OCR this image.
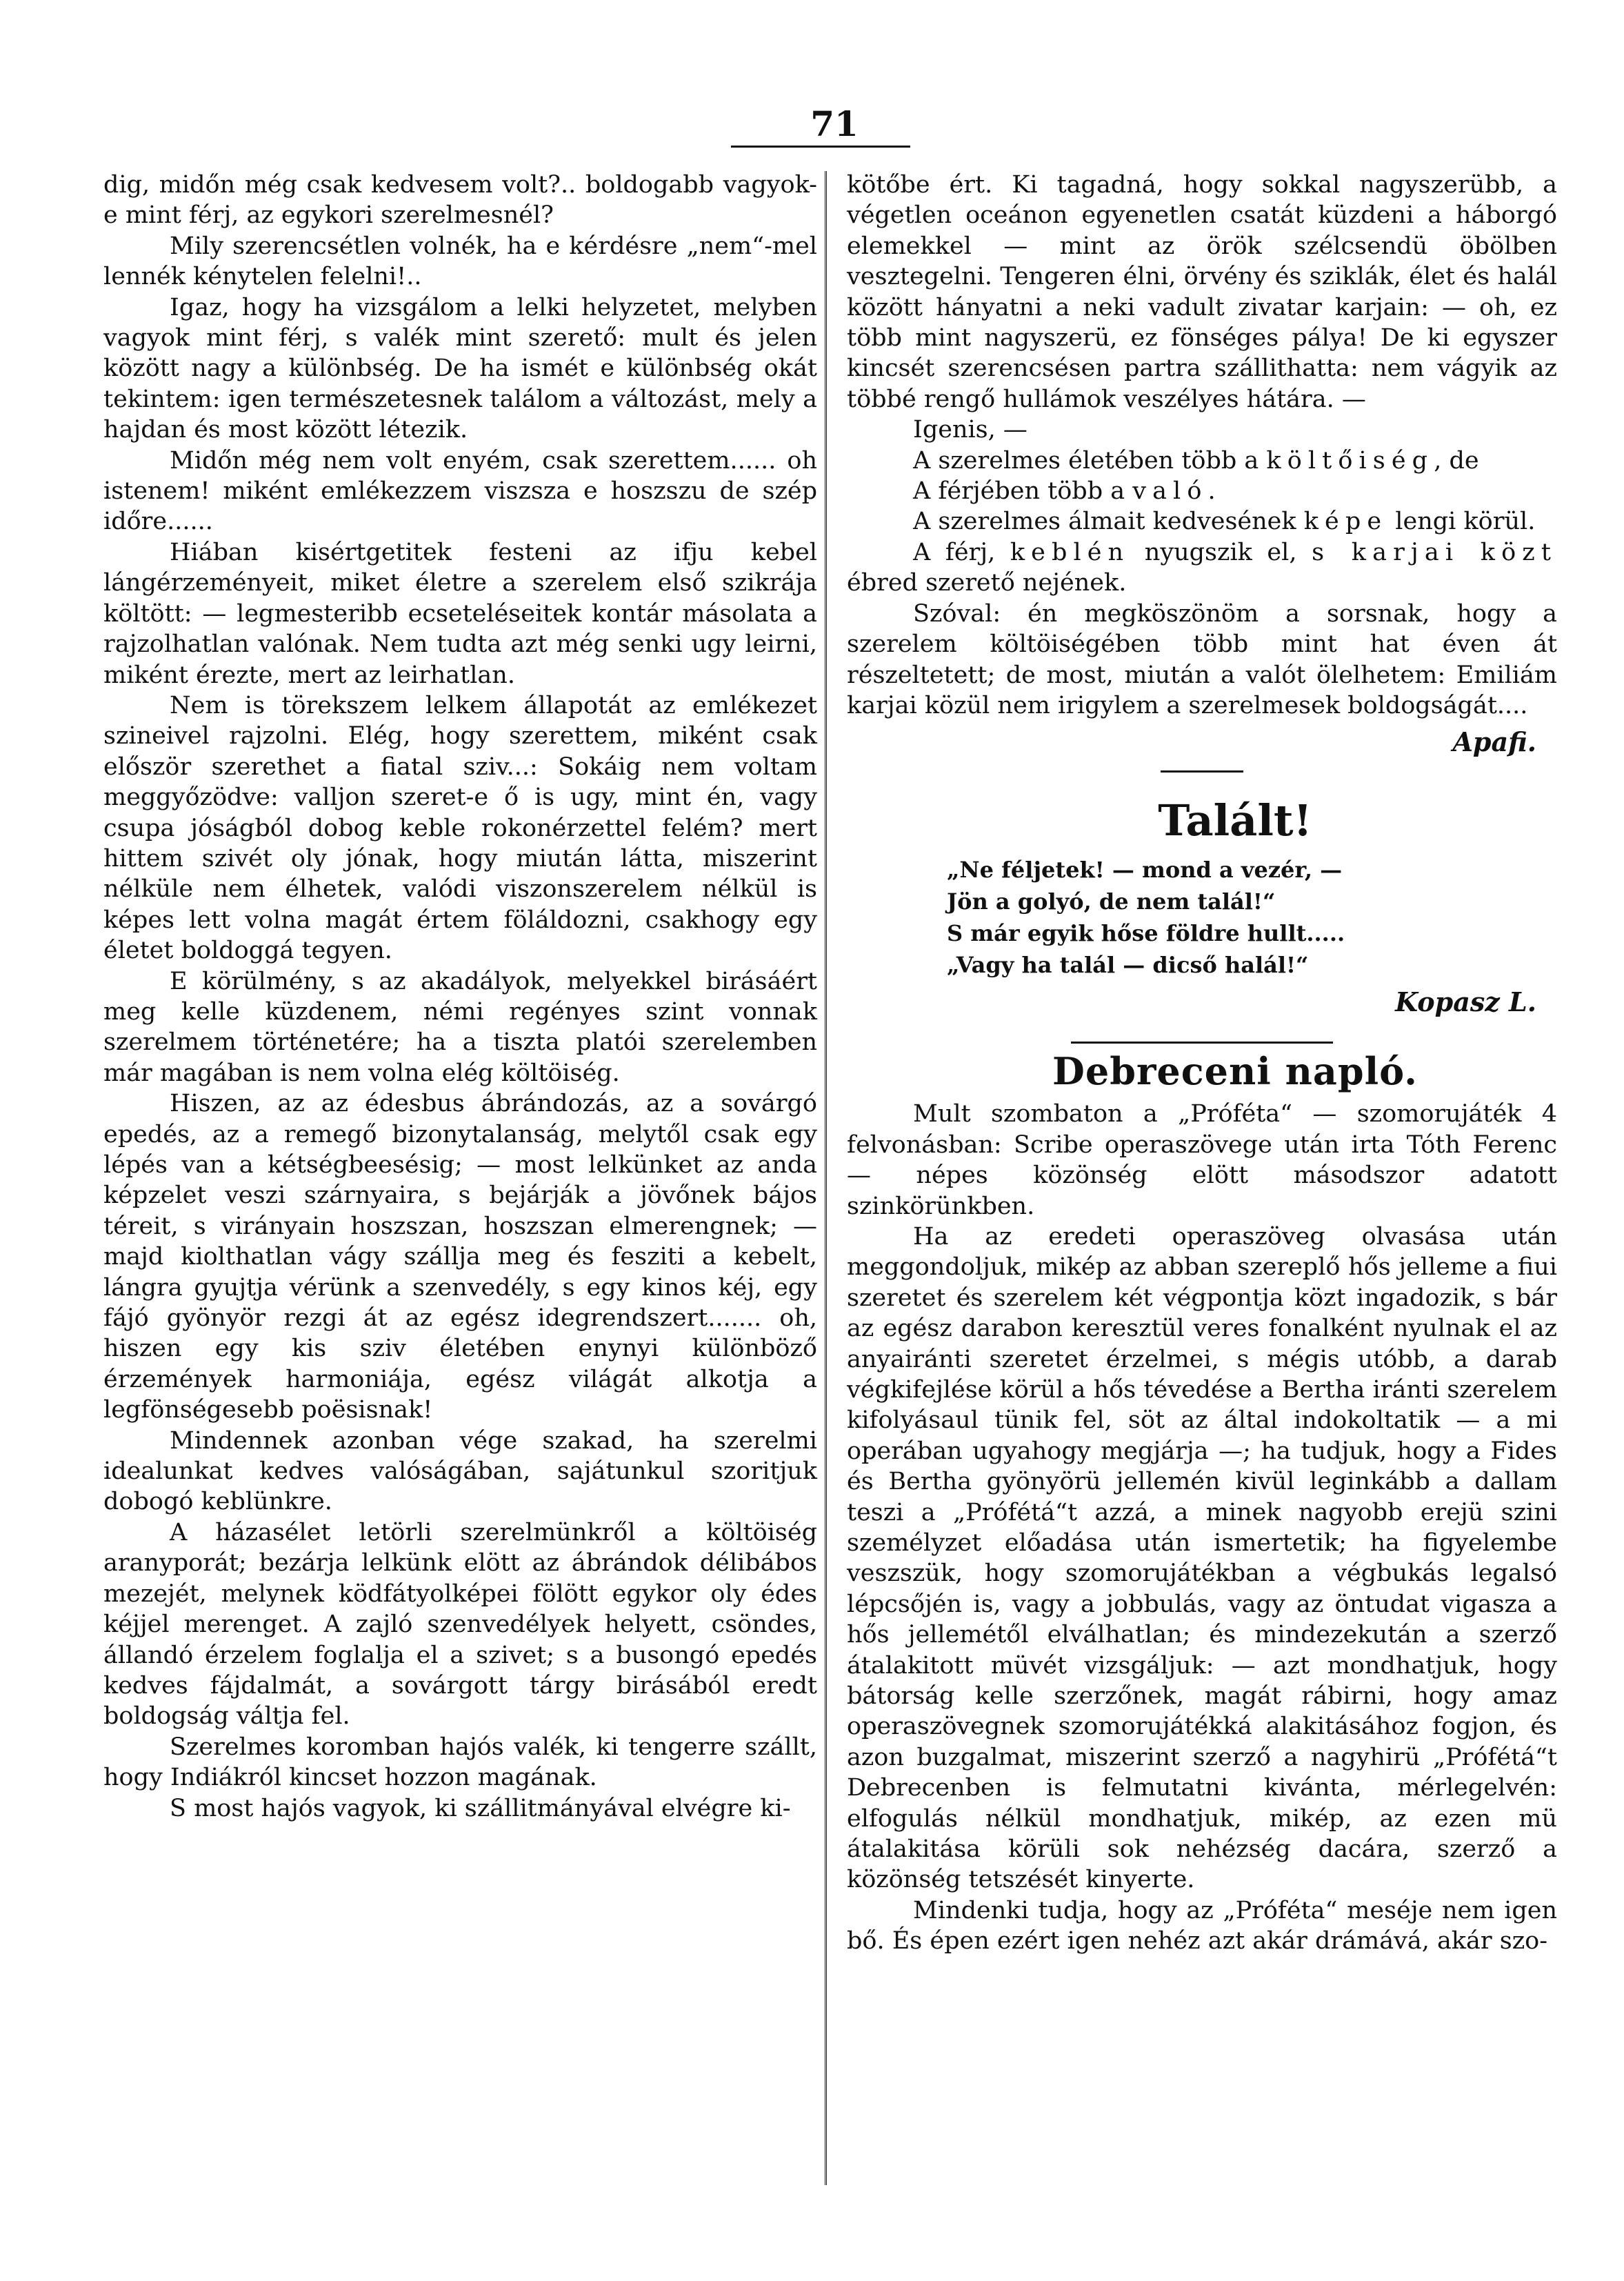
71

dig, midőn még csak kedvesem volt?.. boldogabb vagyok-e mint férj, az egykori szerelmesnél?

Mily szerencsétlen volnék, ha e kérdésre „nem“-mel lennék kénytelen felelni!..

Igaz, hogy ha vizsgálom a lelki helyzetet, melyben vagyok mint férj, s valék mint szerető: mult és jelen között nagy a különbség. De ha ismét e különbség okát tekintem: igen természetesnek találom a változást, mely a hajdan és most között létezik.

Midőn még nem volt enyém, csak szerettem...... oh istenem! miként emlékezzem viszsza e hoszszu de szép időre......

Hiában kisértgetitek festeni az ifju kebel lángérzeményeit, miket életre a szerelem első szikrája költött: — legmesteribb ecseteléseitek kontár másolata a rajzolhatlan valónak. Nem tudta azt még senki ugy leirni, miként érezte, mert az leirhatlan.

Nem is törekszem lelkem állapotát az emlékezet szineivel rajzolni. Elég, hogy szerettem, miként csak először szerethet a fiatal sziv...: Sokáig nem voltam meggyőzödve: valljon szeret-e ő is ugy, mint én, vagy csupa jóságból dobog keble rokonérzettel felém? mert hittem szivét oly jónak, hogy miután látta, miszerint nélküle nem élhetek, valódi viszonszerelem nélkül is képes lett volna magát értem föláldozni, csakhogy egy életet boldoggá tegyen.

E körülmény, s az akadályok, melyekkel birásáért meg kelle küzdenem, némi regényes szint vonnak szerelmem történetére; ha a tiszta platói szerelemben már magában is nem volna elég költöiség.

Hiszen, az az édesbus ábrándozás, az a sovárgó epedés, az a remegő bizonytalanság, melytől csak egy lépés van a kétségbeesésig; — most lelkünket az anda képzelet veszi szárnyaira, s bejárják a jövőnek bájos téreit, s virányain hoszszan, hoszszan elmerengnek; — majd kiolthatlan vágy szállja meg és fesziti a kebelt, lángra gyujtja vérünk a szenvedély, s egy kinos kéj, egy fájó gyönyör rezgi át az egész idegrendszert....... oh, hiszen egy kis sziv életében enynyi különböző érzemények harmoniája, egész világát alkotja a legfönségesebb poësisnak!

Mindennek azonban vége szakad, ha szerelmi idealunkat kedves valóságában, sajátunkul szoritjuk dobogó keblünkre.

A házasélet letörli szerelmünkről a költöiség aranyporát; bezárja lelkünk elött az ábrándok délibábos mezejét, melynek ködfátyolképei fölött egykor oly édes kéjjel merenget. A zajló szenvedélyek helyett, csöndes, állandó érzelem foglalja el a szivet; s a busongó epedés kedves fájdalmát, a sovárgott tárgy birásából eredt boldogság váltja fel.

Szerelmes koromban hajós valék, ki tengerre szállt, hogy Indiákról kincset hozzon magának.

S most hajós vagyok, ki szállitmányával elvégre ki-

kötőbe ért. Ki tagadná, hogy sokkal nagyszerübb, a végetlen oceánon egyenetlen csatát küzdeni a háborgó elemekkel — mint az örök szélcsendü öbölben vesztegelni. Tengeren élni, örvény és sziklák, élet és halál között hányatni a neki vadult zivatar karjain: — oh, ez több mint nagyszerü, ez fönséges pálya! De ki egyszer kincsét szerencsésen partra szállithatta: nem vágyik az többé rengő hullámok veszélyes hátára. —

Igenis, —

A szerelmes életében több a költőiség, de

A férjében több a való.

A szerelmes álmait kedvesének képe lengi körül.

A férj, keblén nyugszik el, s karjai közt ébred szerető nejének.

Szóval: én megköszönöm a sorsnak, hogy a szerelem költöiségében több mint hat éven át részeltetett; de most, miután a valót ölelhetem: Emiliám karjai közül nem irigylem a szerelmesek boldogságát....

Apafi.

Talált!

„Ne féljetek! — mond a vezér, —
Jön a golyó, de nem talál!“
S már egyik hőse földre hullt.....
„Vagy ha talál — dicső halál!“

Kopasz L.

Debreceni napló.

Mult szombaton a „Próféta“ — szomorujáték 4 felvonásban: Scribe operaszövege után irta Tóth Ferenc — népes közönség elött másodszor adatott szinkörünkben.

Ha az eredeti operaszöveg olvasása után meggondoljuk, mikép az abban szereplő hős jelleme a fiui szeretet és szerelem két végpontja közt ingadozik, s bár az egész darabon keresztül veres fonalként nyulnak el az anyairánti szeretet érzelmei, s mégis utóbb, a darab végkifejlése körül a hős tévedése a Bertha iránti szerelem kifolyásaul tünik fel, söt az által indokoltatik — a mi operában ugyahogy megjárja —; ha tudjuk, hogy a Fides és Bertha gyönyörü jellemén kivül leginkább a dallam teszi a „Prófétá“t azzá, a minek nagyobb erejü szini személyzet előadása után ismertetik; ha figyelembe veszszük, hogy szomorujátékban a végbukás legalsó lépcsőjén is, vagy a jobbulás, vagy az öntudat vigasza a hős jellemétől elválhatlan; és mindezekután a szerző átalakitott müvét vizsgáljuk: — azt mondhatjuk, hogy bátorság kelle szerzőnek, magát rábirni, hogy amaz operaszövegnek szomorujátékká alakitásához fogjon, és azon buzgalmat, miszerint szerző a nagyhirü „Prófétá“t Debrecenben is felmutatni kivánta, mérlegelvén: elfogulás nélkül mondhatjuk, mikép, az ezen mü átalakitása körüli sok nehézség dacára, szerző a közönség tetszését kinyerte.

Mindenki tudja, hogy az „Próféta“ meséje nem igen bő. És épen ezért igen nehéz azt akár drámává, akár szo-
